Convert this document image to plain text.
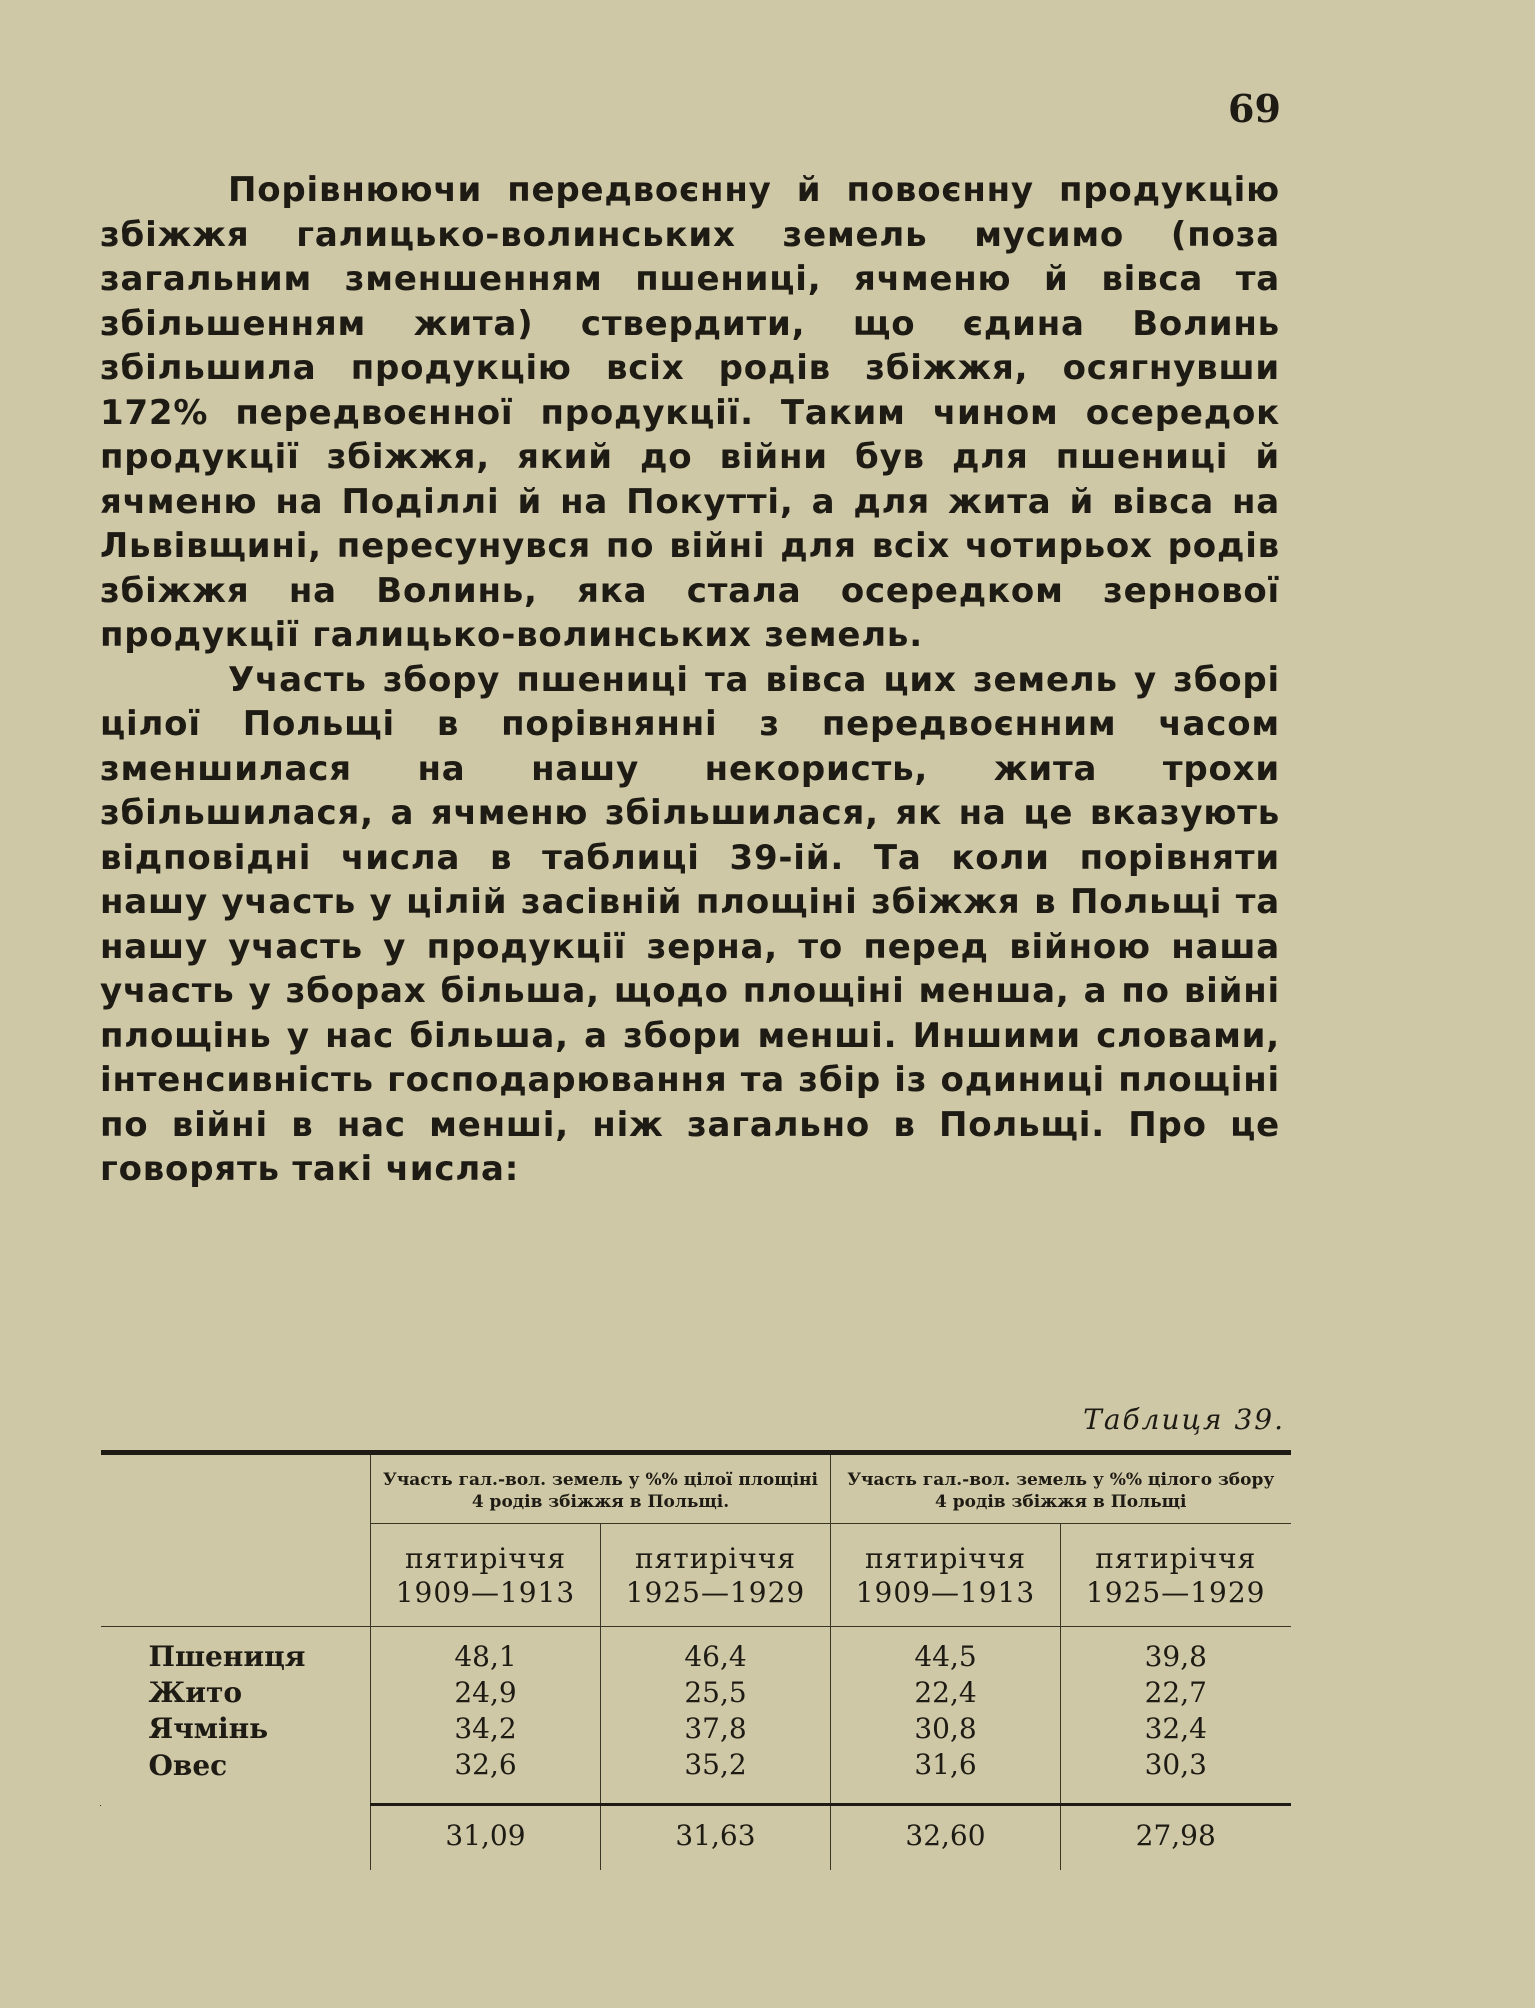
69

Порівнюючи передвоєнну й повоєнну продукцію збіжжя галицько-волинських земель мусимо (поза загальним зменшенням пшениці, ячменю й вівса та збільшенням жита) ствердити, що єдина Волинь збільшила продукцію всіх родів збіжжя, осягнувши 172% передвоєнної продукції. Таким чином осередок продукції збіжжя, який до війни був для пшениці й ячменю на Поділлі й на Покутті, а для жита й вівса на Львівщині, пересунувся по війні для всіх чотирьох родів збіжжя на Волинь, яка стала осередком зернової продукції галицько-волинських земель.

Участь збору пшениці та вівса цих земель у зборі цілої Польщі в порівнянні з передвоєнним часом зменшилася на нашу некористь, жита трохи збільшилася, а ячменю збільшилася, як на це вказують відповідні числа в таблиці 39-ій. Та коли порівняти нашу участь у цілій засівній площіні збіжжя в Польщі та нашу участь у продукції зерна, то перед війною наша участь у зборах більша, щодо площіні менша, а по війні площінь у нас більша, а збори менші. Иншими словами, інтенсивність господарювання та збір із одиниці площіні по війні в нас менші, ніж загально в Польщі. Про це говорять такі числа:

Таблиця 39.

	Участь гал.-вол. земель у %% цілої площіні 4 родів збіжжя в Польщі.		Участь гал.-вол. земель у %% цілого збору 4 родів збіжжя в Польщі	
	пятиріччя 1909—1913	пятиріччя 1925—1929	пятиріччя 1909—1913	пятиріччя 1925—1929
Пшениця	48,1	46,4	44,5	39,8
Жито	24,9	25,5	22,4	22,7
Ячмінь	34,2	37,8	30,8	32,4
Овес	32,6	35,2	31,6	30,3

	31,09	31,63	32,60	27,98
